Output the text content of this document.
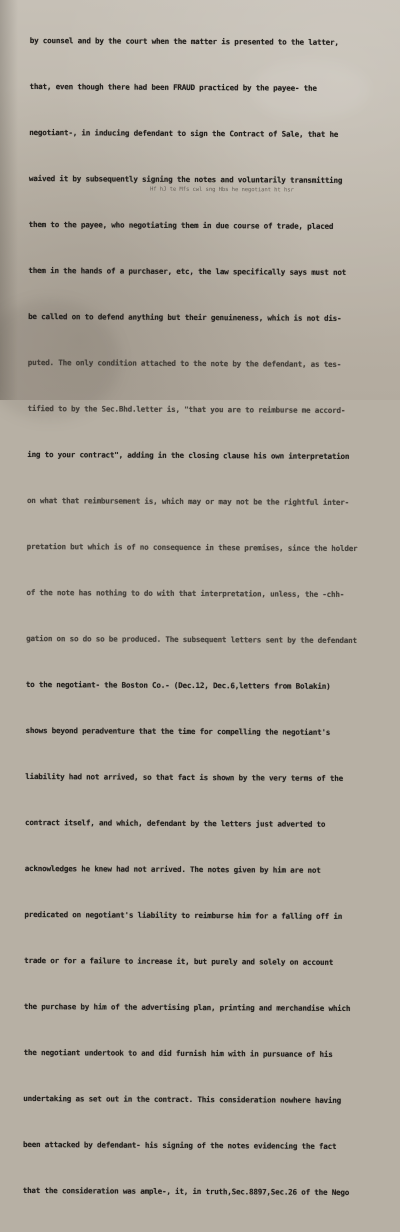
by counsel and by the court when the matter is presented to the latter,

that, even though there had been FRAUD practiced by the payee- the

negotiant-, in inducing defendant to sign the Contract of Sale, that he

waived it by subsequently signing the notes and voluntarily transmitting

them to the payee, who negotiating them in due course of trade, placed

them in the hands of a purchaser, etc, the law specifically says must not

be called on to defend anything but their genuineness, which is not dis-

puted. The only condition attached to the note by the defendant, as tes-

tified to by the Sec.Bhd.letter is, "that you are to reimburse me accord-

ing to your contract", adding in the closing clause his own interpretation

on what that reimbursement is, which may or may not be the rightful inter-

pretation but which is of no consequence in these premises, since the holder

of the note has nothing to do with that interpretation, unless, the -chh-

gation on so do so be produced. The subsequent letters sent by the defendant

to the negotiant- the Boston Co.- (Dec.12, Dec.6,letters from Bolakin)

shows beyond peradventure that the time for compelling the negotiant's

liability had not arrived, so that fact is shown by the very terms of the

contract itself, and which, defendant by the letters just adverted to

acknowledges he knew had not arrived. The notes given by him are not

predicated on negotiant's liability to reimburse him for a falling off in

trade or for a failure to increase it, but purely and solely on account

the purchase by him of the advertising plan, printing and merchandise which

the negotiant undertook to and did furnish him with in pursuance of his

undertaking as set out in the contract. This consideration nowhere having

been attacked by defendant- his signing of the notes evidencing the fact

that the consideration was ample-, it, in truth,Sec.8897,Sec.26 of the Nego

Hf hJ te Mfs cwl sng Hbs he negotiant ht hsr
